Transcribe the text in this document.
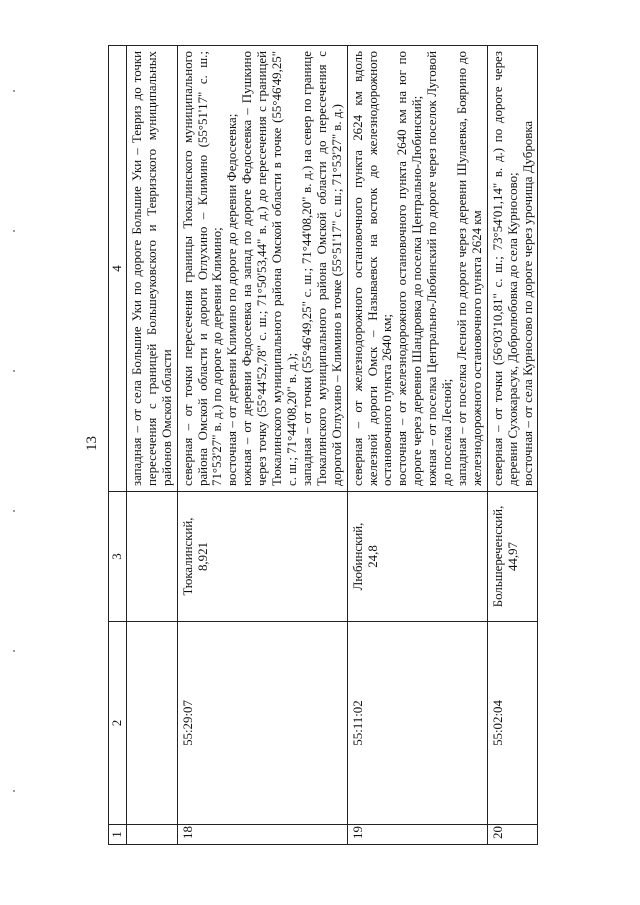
13
1	2	3	4

			западная – от села Большие Уки по дороге Большие Уки – Тевриз до точки пересечения с границей Большеуковского и Тевризского муниципальных районов Омской области

18	55:29:07	Тюкалинский, 8,921	северная – от точки пересечения границы Тюкалинского муниципального района Омской области и дороги Оглухино – Климино (55°51'17" с. ш.; 71°53'27" в. д.) по дороге до деревни Климино; восточная – от деревни Климино по дороге до деревни Федосеевка; южная – от деревни Федосеевка на запад по дороге Федосеевка – Пушкино через точку (55°44'52,78" с. ш.; 71°50'53,44" в. д.) до пересечения с границей Тюкалинского муниципального района Омской области в точке (55°46'49,25" с. ш.; 71°44'08,20" в. д.); западная – от точки (55°46'49,25" с. ш.; 71°44'08,20" в. д.) на север по границе Тюкалинского муниципального района Омской области до пересечения с дорогой Оглухино – Климино в точке (55°51'17" с. ш.; 71°53'27" в. д.)

19	55:11:02	Любинский, 24,8	северная – от железнодорожного остановочного пункта 2624 км вдоль железной дороги Омск – Называевск на восток до железнодорожного остановочного пункта 2640 км; восточная – от железнодорожного остановочного пункта 2640 км на юг по дороге через деревню Шандровка до поселка Центрально-Любинский; южная – от поселка Центрально-Любинский по дороге через поселок Луговой до поселка Лесной; западная – от поселка Лесной по дороге через деревни Шулаевка, Боярино до железнодорожного остановочного пункта 2624 км

20	55:02:04	Большереченский, 44,97	северная – от точки (56°03'10,81" с. ш.; 73°54'01,14" в. д.) по дороге через деревни Сухокарасук, Добролюбовка до села Курносово; восточная – от села Курносово по дороге через урочища Дубровка
